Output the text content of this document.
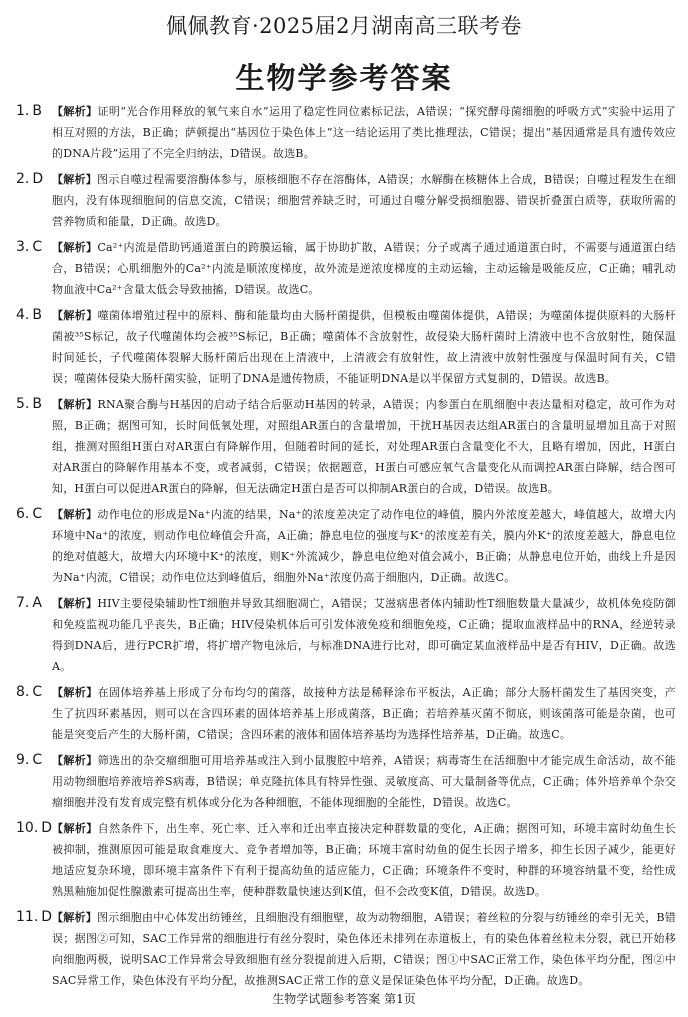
佩佩教育·2025届2月湖南高三联考卷
生物学参考答案
1. B 【解析】证明“光合作用释放的氧气来自水”运用了稳定性同位素标记法，A错误；“探究酵母菌细胞的呼吸方式”实验中运用了相互对照的方法，B正确；萨顿提出“基因位于染色体上”这一结论运用了类比推理法，C错误；提出“基因通常是具有遗传效应的DNA片段”运用了不完全归纳法，D错误。故选B。
2. D 【解析】图示自噬过程需要溶酶体参与，原核细胞不存在溶酶体，A错误；水解酶在核糖体上合成，B错误；自噬过程发生在细胞内，没有体现细胞间的信息交流，C错误；细胞营养缺乏时，可通过自噬分解受损细胞器、错误折叠蛋白质等，获取所需的营养物质和能量，D正确。故选D。
3. C 【解析】Ca²⁺内流是借助钙通道蛋白的跨膜运输，属于协助扩散，A错误；分子或离子通过通道蛋白时，不需要与通道蛋白结合，B错误；心肌细胞外的Ca²⁺内流是顺浓度梯度，故外流是逆浓度梯度的主动运输，主动运输是吸能反应，C正确；哺乳动物血液中Ca²⁺含量太低会导致抽搐，D错误。故选C。
4. B 【解析】噬菌体增殖过程中的原料、酶和能量均由大肠杆菌提供，但模板由噬菌体提供，A错误；为噬菌体提供原料的大肠杆菌被³⁵S标记，故子代噬菌体均会被³⁵S标记，B正确；噬菌体不含放射性，故侵染大肠杆菌时上清液中也不含放射性，随保温时间延长，子代噬菌体裂解大肠杆菌后出现在上清液中，上清液会有放射性，故上清液中放射性强度与保温时间有关，C错误；噬菌体侵染大肠杆菌实验，证明了DNA是遗传物质，不能证明DNA是以半保留方式复制的，D错误。故选B。
5. B 【解析】RNA聚合酶与H基因的启动子结合后驱动H基因的转录，A错误；内参蛋白在肌细胞中表达量相对稳定，故可作为对照，B正确；据图可知，长时间低氧处理，对照组AR蛋白的含量增加，干扰H基因表达组AR蛋白的含量明显增加且高于对照组，推测对照组H蛋白对AR蛋白有降解作用，但随着时间的延长，对处理AR蛋白含量变化不大，且略有增加，因此，H蛋白对AR蛋白的降解作用基本不变，或者减弱，C错误；依据题意，H蛋白可感应氧气含量变化从而调控AR蛋白降解，结合图可知，H蛋白可以促进AR蛋白的降解，但无法确定H蛋白是否可以抑制AR蛋白的合成，D错误。故选B。
6. C 【解析】动作电位的形成是Na⁺内流的结果，Na⁺的浓度差决定了动作电位的峰值，膜内外浓度差越大，峰值越大，故增大内环境中Na⁺的浓度，则动作电位峰值会升高，A正确；静息电位的强度与K⁺的浓度差有关，膜内外K⁺的浓度差越大，静息电位的绝对值越大，故增大内环境中K⁺的浓度，则K⁺外流减少，静息电位绝对值会减小，B正确；从静息电位开始，曲线上升是因为Na⁺内流，C错误；动作电位达到峰值后，细胞外Na⁺浓度仍高于细胞内，D正确。故选C。
7. A 【解析】HIV主要侵染辅助性T细胞并导致其细胞凋亡，A错误；艾滋病患者体内辅助性T细胞数量大量减少，故机体免疫防御和免疫监视功能几乎丧失，B正确；HIV侵染机体后可引发体液免疫和细胞免疫，C正确；提取血液样品中的RNA，经逆转录得到DNA后，进行PCR扩增，将扩增产物电泳后，与标准DNA进行比对，即可确定某血液样品中是否有HIV，D正确。故选A。
8. C 【解析】在固体培养基上形成了分布均匀的菌落，故接种方法是稀释涂布平板法，A正确；部分大肠杆菌发生了基因突变，产生了抗四环素基因，则可以在含四环素的固体培养基上形成菌落，B正确；若培养基灭菌不彻底，则该菌落可能是杂菌，也可能是突变后产生的大肠杆菌，C错误；含四环素的液体和固体培养基均为选择性培养基，D正确。故选C。
9. C 【解析】筛选出的杂交瘤细胞可用培养基或注入到小鼠腹腔中培养，A错误；病毒寄生在活细胞中才能完成生命活动，故不能用动物细胞培养液培养S病毒，B错误；单克隆抗体具有特异性强、灵敏度高、可大量制备等优点，C正确；体外培养单个杂交瘤细胞并没有发育成完整有机体或分化为各种细胞，不能体现细胞的全能性，D错误。故选C。
10. D 【解析】自然条件下，出生率、死亡率、迁入率和迁出率直接决定种群数量的变化，A正确；据图可知，环境丰富时幼鱼生长被抑制，推测原因可能是取食难度大、竞争者增加等，B正确；环境丰富时幼鱼的促生长因子增多，抑生长因子减少，能更好地适应复杂环境，即环境丰富条件下有利于提高幼鱼的适应能力，C正确；环境条件不变时，种群的环境容纳量不变，给性成熟黑釉施加促性腺激素可提高出生率，使种群数量快速达到K值，但不会改变K值，D错误。故选D。
11. D 【解析】图示细胞由中心体发出纺锤丝，且细胞没有细胞壁，故为动物细胞，A错误；着丝粒的分裂与纺锤丝的牵引无关，B错误；据图②可知，SAC工作异常的细胞进行有丝分裂时，染色体还未排列在赤道板上，有的染色体着丝粒未分裂，就已开始移向细胞两极，说明SAC工作异常会导致细胞有丝分裂提前进入后期，C错误；图①中SAC正常工作，染色体平均分配，图②中SAC异常工作，染色体没有平均分配，故推测SAC正常工作的意义是保证染色体平均分配，D正确。故选D。
生物学试题参考答案 第1页
